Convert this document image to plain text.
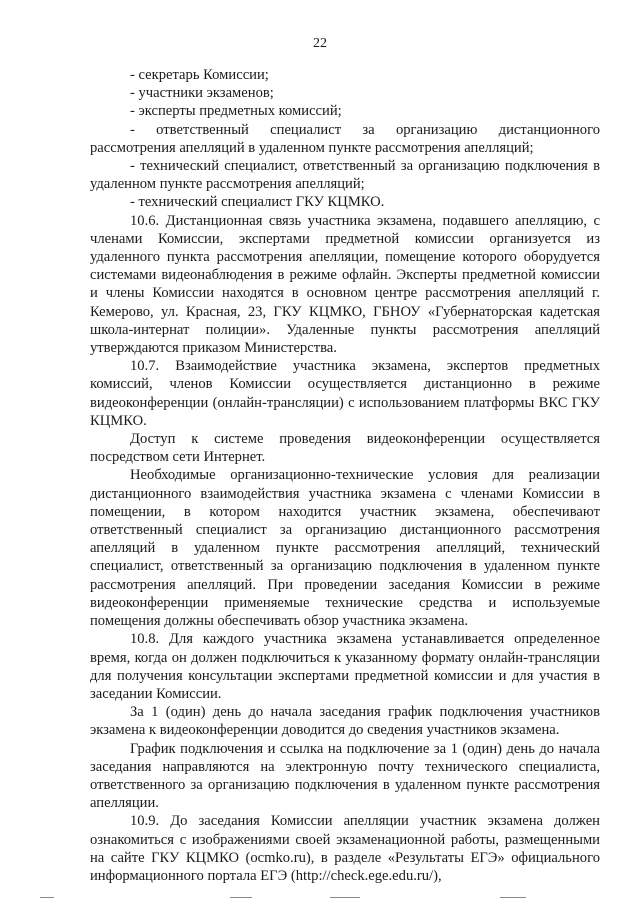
22

- секретарь Комиссии;

- участники экзаменов;

- эксперты предметных комиссий;

- ответственный специалист за организацию дистанционного рассмотрения апелляций в удаленном пункте рассмотрения апелляций;

- технический специалист, ответственный за организацию подключения в удаленном пункте рассмотрения апелляций;

- технический специалист ГКУ КЦМКО.

10.6. Дистанционная связь участника экзамена, подавшего апелляцию, с членами Комиссии, экспертами предметной комиссии организуется из удаленного пункта рассмотрения апелляции, помещение которого оборудуется системами видеонаблюдения в режиме офлайн. Эксперты предметной комиссии и члены Комиссии находятся в основном центре рассмотрения апелляций г. Кемерово, ул. Красная, 23, ГКУ КЦМКО, ГБНОУ «Губернаторская кадетская школа-интернат полиции». Удаленные пункты рассмотрения апелляций утверждаются приказом Министерства.

10.7. Взаимодействие участника экзамена, экспертов предметных комиссий, членов Комиссии осуществляется дистанционно в режиме видеоконференции (онлайн-трансляции) с использованием платформы ВКС ГКУ КЦМКО.

Доступ к системе проведения видеоконференции осуществляется посредством сети Интернет.

Необходимые организационно-технические условия для реализации дистанционного взаимодействия участника экзамена с членами Комиссии в помещении, в котором находится участник экзамена, обеспечивают ответственный специалист за организацию дистанционного рассмотрения апелляций в удаленном пункте рассмотрения апелляций, технический специалист, ответственный за организацию подключения в удаленном пункте рассмотрения апелляций. При проведении заседания Комиссии в режиме видеоконференции применяемые технические средства и используемые помещения должны обеспечивать обзор участника экзамена.

10.8. Для каждого участника экзамена устанавливается определенное время, когда он должен подключиться к указанному формату онлайн-трансляции для получения консультации экспертами предметной комиссии и для участия в заседании Комиссии.

За 1 (один) день до начала заседания график подключения участников экзамена к видеоконференции доводится до сведения участников экзамена.

График подключения и ссылка на подключение за 1 (один) день до начала заседания направляются на электронную почту технического специалиста, ответственного за организацию подключения в удаленном пункте рассмотрения апелляции.

10.9. До заседания Комиссии апелляции участник экзамена должен ознакомиться с изображениями своей экзаменационной работы, размещенными на сайте ГКУ КЦМКО (ocmko.ru), в разделе «Результаты ЕГЭ» официального информационного портала ЕГЭ (http://check.ege.edu.ru/),
